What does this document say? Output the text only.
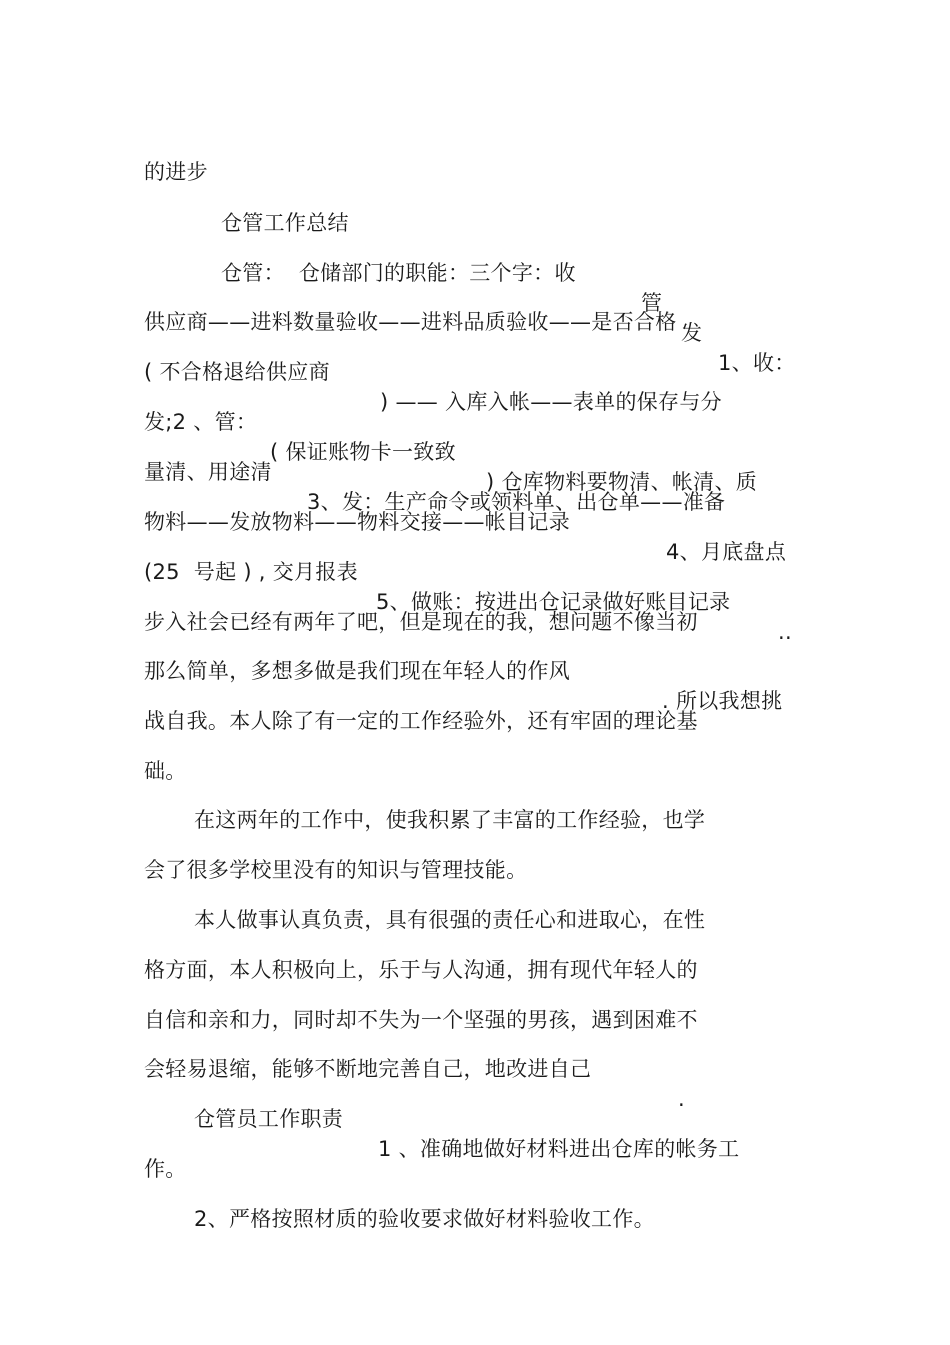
的进步

仓管工作总结

仓管：  仓储部门的职能：三个字：收

管

发

1、收：

供应商——进料数量验收——进料品质验收——是否合格

( 不合格退给供应商

) —— 入库入帐——表单的保存与分

发;2 、管：

( 保证账物卡一致致

) 仓库物料要物清、帐清、质

量清、用途清

3、发：生产命令或领料单、出仓单——准备

物料——发放物料——物料交接——帐目记录

4、月底盘点

(25  号起 ) , 交月报表

5、做账：按进出仓记录做好账目记录

..

步入社会已经有两年了吧，但是现在的我，想问题不像当初

那么简单，多想多做是我们现在年轻人的作风

. 所以我想挑

战自我。本人除了有一定的工作经验外，还有牢固的理论基

础。

在这两年的工作中，使我积累了丰富的工作经验，也学

会了很多学校里没有的知识与管理技能。

本人做事认真负责，具有很强的责任心和进取心，在性

格方面，本人积极向上，乐于与人沟通，拥有现代年轻人的

自信和亲和力，同时却不失为一个坚强的男孩，遇到困难不

会轻易退缩，能够不断地完善自己，地改进自己

.

仓管员工作职责

1 、准确地做好材料进出仓库的帐务工

作。

2、严格按照材质的验收要求做好材料验收工作。
